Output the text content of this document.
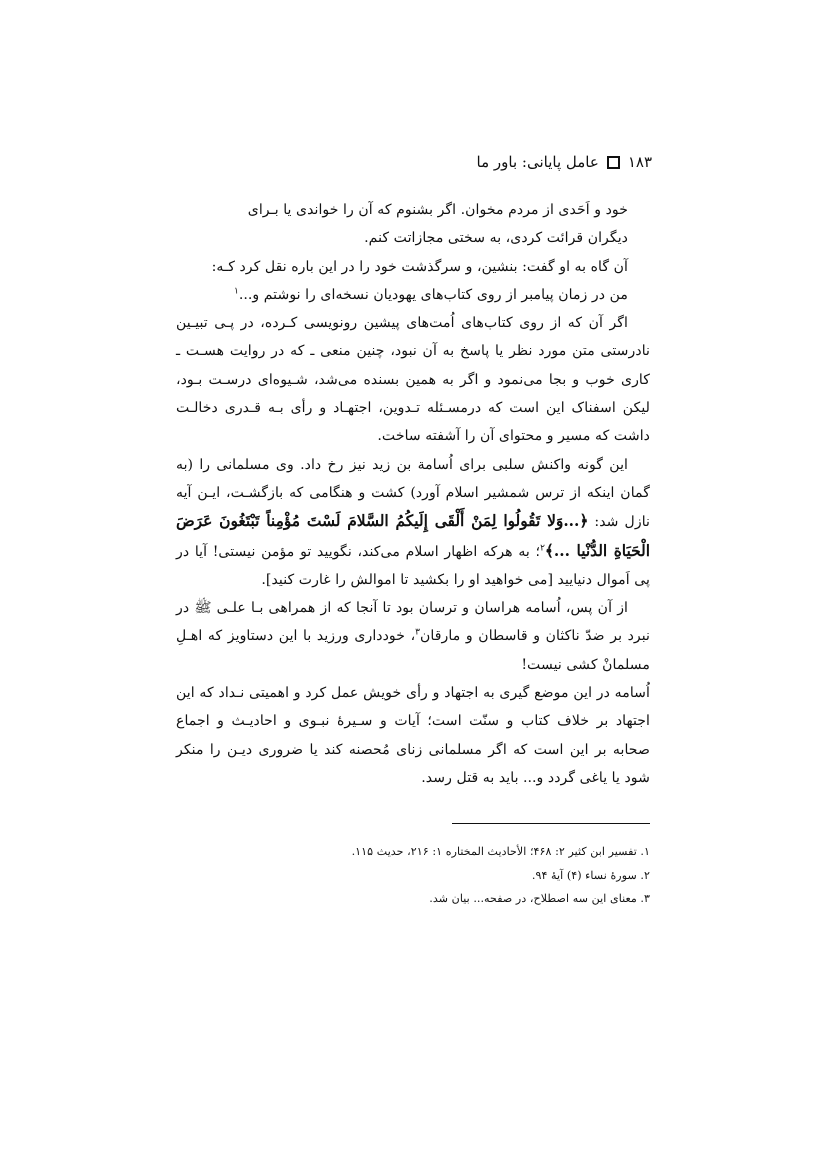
عامل پایانی: باور ما ۱۸۳

خود و اَحَدی از مردم مخوان. اگر بشنوم که آن را خواندی یا بـرای

دیگران قرائت کردی، به سختی مجازاتت کنم.

آن گاه به او گفت: بنشین، و سرگذشت خود را در این باره نقل کرد کـه:

من در زمان پیامبر از روی کتاب‌های یهودیان نسخه‌ای را نوشتم و...$^۱$

اگر آن که از روی کتاب‌های اُمت‌های پیشین رونویسی کـرده، در پـی تبیـین نادرستی متن مورد نظر یا پاسخ به آن نبود، چنین منعی ـ که در روایت هسـت ـ کاری خوب و بجا می‌نمود و اگر به همین بسنده می‌شد، شـیوه‌ای درسـت بـود، لیکن اسفناک این است که درمسـئله تـدوین، اجتهـاد و رأی بـه قـدری دخالـت داشت که مسیر و محتوای آن را آشفته ساخت.

این گونه واکنش سلبی برای اُسامة بن زید نیز رخ داد. وی مسلمانی را (به گمان اینکه از ترس شمشیر اسلام آورد) کشت و هنگامی که بازگشـت، ایـن آیه نازل شد: ﴿...وَلا تَقُولُوا لِمَنْ أَلْقَى إِلَيكُمُ السَّلامَ لَسْتَ مُؤْمِناً تَبْتَغُونَ عَرَضَ الْحَيَاةِ الدُّنْيا ...﴾$^۲$؛ به هرکه اظهار اسلام می‌کند، نگویید تو مؤمن نیستی! آیا در پی اَموال دنیایید [می خواهید او را بکشید تا اموالش را غارت کنید].

از آن پس، اُسامه هراسان و ترسان بود تا آنجا که از همراهی بـا علـی ﷺ در نبرد بر ضدّ ناکثان و قاسطان و مارقان$^۳$، خودداری ورزید با این دستاویز که اهـلِ مسلمانْ کشی نیست!

اُسامه در این موضع گیری به اجتهاد و رأی خویش عمل کرد و اهمیتی نـداد که این اجتهاد بر خلاف کتاب و سنّت است؛ آیات و سـیرۀ نبـوی و احادیـث و اجماع صحابه بر این است که اگر مسلمانی زنای مُحصنه کند یا ضروری دیـن را منکر شود یا یاغی گردد و... باید به قتل رسد.

۱. تفسیر ابن کثیر ۲: ۴۶۸؛ الأحادیث المختاره ۱: ۲۱۶، حدیث ۱۱۵.

۲. سورۀ نساء (۴) آیۀ ۹۴.

۳. معنای این سه اصطلاح، در صفحه... بیان شد.
